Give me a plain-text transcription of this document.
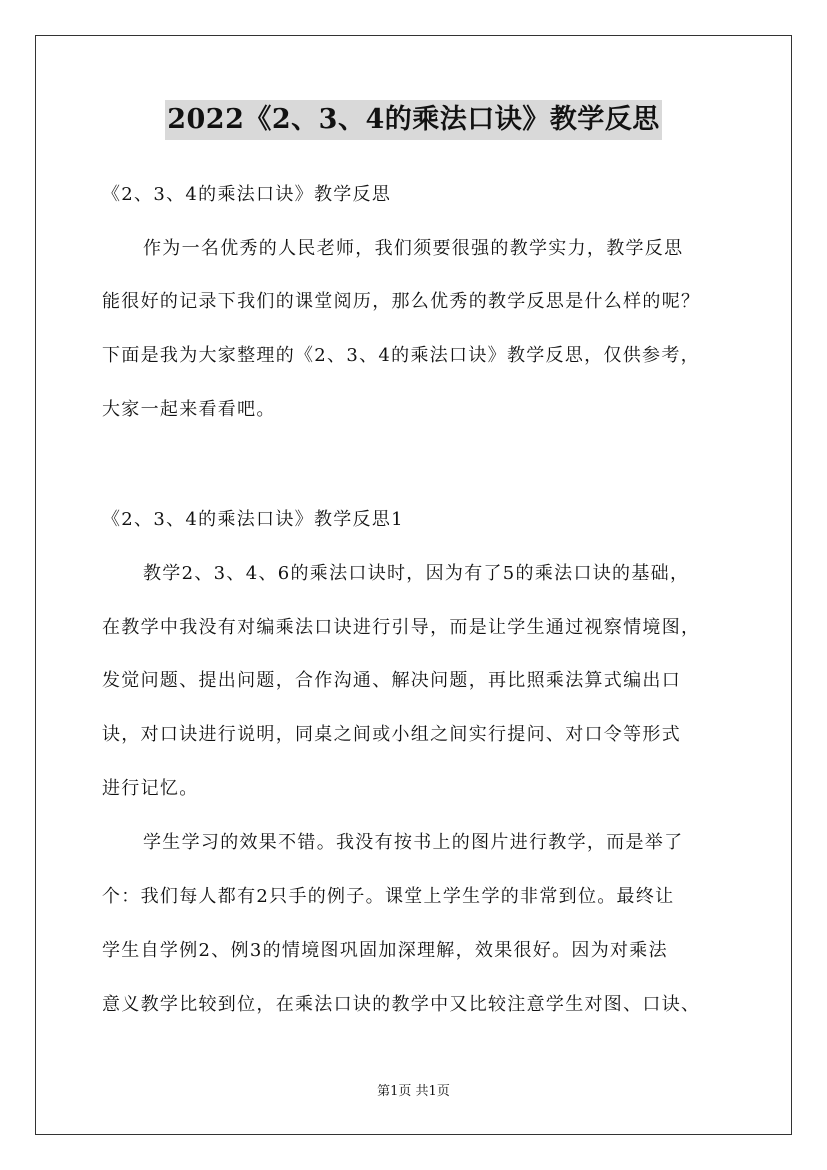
2022《2、3、4的乘法口诀》教学反思
《2、3、4的乘法口诀》教学反思
作为一名优秀的人民老师，我们须要很强的教学实力，教学反思
能很好的记录下我们的课堂阅历，那么优秀的教学反思是什么样的呢？
下面是我为大家整理的《2、3、4的乘法口诀》教学反思，仅供参考，
大家一起来看看吧。
《2、3、4的乘法口诀》教学反思1
教学2、3、4、6的乘法口诀时，因为有了5的乘法口诀的基础，
在教学中我没有对编乘法口诀进行引导，而是让学生通过视察情境图，
发觉问题、提出问题，合作沟通、解决问题，再比照乘法算式编出口
诀，对口诀进行说明，同桌之间或小组之间实行提问、对口令等形式
进行记忆。
学生学习的效果不错。我没有按书上的图片进行教学，而是举了
个：我们每人都有2只手的例子。课堂上学生学的非常到位。最终让
学生自学例2、例3的情境图巩固加深理解，效果很好。因为对乘法
意义教学比较到位，在乘法口诀的教学中又比较注意学生对图、口诀、
第1页 共1页
